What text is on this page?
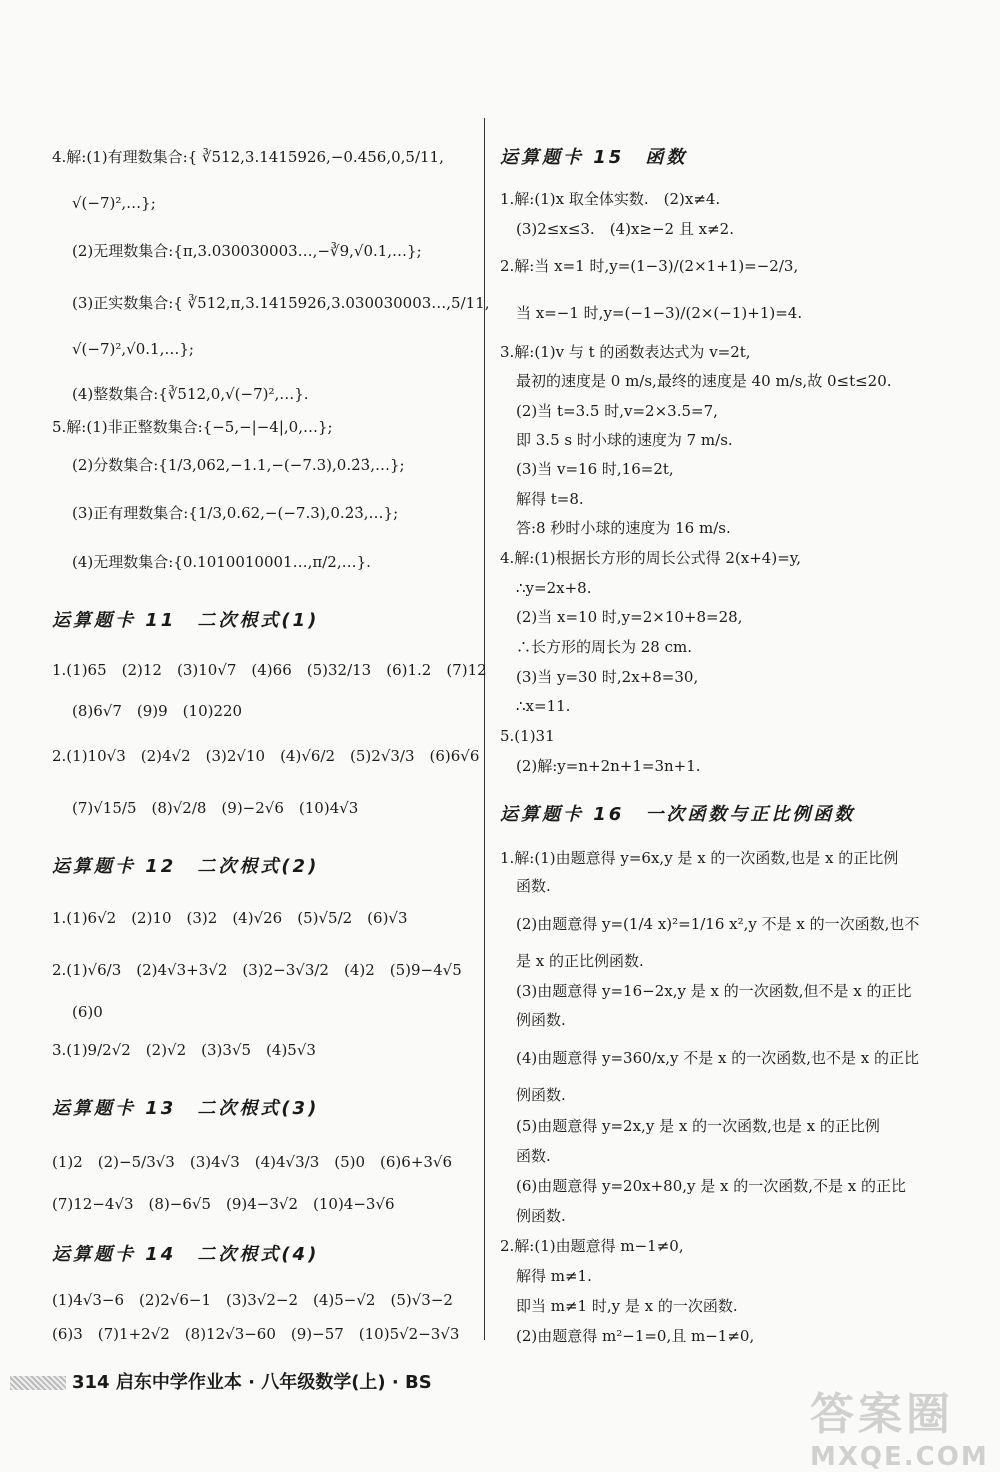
4.解:(1)有理数集合:{ ∛512,3.1415926,−0.456,0,5/11,
√(−7)²,…};
(2)无理数集合:{π,3.030030003…,−∛9,√0.1,…};
(3)正实数集合:{ ∛512,π,3.1415926,3.030030003…,5/11,
√(−7)²,√0.1,…};
(4)整数集合:{∛512,0,√(−7)²,…}.
5.解:(1)非正整数集合:{−5,−|−4|,0,…};
(2)分数集合:{1/3,062,−1.1,−(−7.3),0.2̇3̇,…};
(3)正有理数集合:{1/3,0.62,−(−7.3),0.2̇3̇,…};
(4)无理数集合:{0.1010010001…,π/2,…}.
运算题卡 11　二次根式(1)
1.(1)65　(2)12　(3)10√7　(4)66　(5)32/13　(6)1.2　(7)12
(8)6√7　(9)9　(10)220
2.(1)10√3　(2)4√2　(3)2√10　(4)√6/2　(5)2√3/3　(6)6√6
(7)√15/5　(8)√2/8　(9)−2√6　(10)4√3
运算题卡 12　二次根式(2)
1.(1)6√2　(2)10　(3)2　(4)√26　(5)√5/2　(6)√3
2.(1)√6/3　(2)4√3+3√2　(3)2−3√3/2　(4)2　(5)9−4√5
(6)0
3.(1)9/2√2　(2)√2　(3)3√5　(4)5√3
运算题卡 13　二次根式(3)
(1)2　(2)−5/3√3　(3)4√3　(4)4√3/3　(5)0　(6)6+3√6
(7)12−4√3　(8)−6√5　(9)4−3√2　(10)4−3√6
运算题卡 14　二次根式(4)
(1)4√3−6　(2)2√6−1　(3)3√2−2　(4)5−√2　(5)√3−2
(6)3　(7)1+2√2　(8)12√3−60　(9)−57　(10)5√2−3√3
运算题卡 15　函数
1.解:(1)x 取全体实数.　(2)x≠4.
(3)2≤x≤3.　(4)x≥−2 且 x≠2.
2.解:当 x=1 时,y=(1−3)/(2×1+1)=−2/3,
当 x=−1 时,y=(−1−3)/(2×(−1)+1)=4.
3.解:(1)v 与 t 的函数表达式为 v=2t,
最初的速度是 0 m/s,最终的速度是 40 m/s,故 0≤t≤20.
(2)当 t=3.5 时,v=2×3.5=7,
即 3.5 s 时小球的速度为 7 m/s.
(3)当 v=16 时,16=2t,
解得 t=8.
答:8 秒时小球的速度为 16 m/s.
4.解:(1)根据长方形的周长公式得 2(x+4)=y,
∴y=2x+8.
(2)当 x=10 时,y=2×10+8=28,
∴长方形的周长为 28 cm.
(3)当 y=30 时,2x+8=30,
∴x=11.
5.(1)31
(2)解:y=n+2n+1=3n+1.
运算题卡 16　一次函数与正比例函数
1.解:(1)由题意得 y=6x,y 是 x 的一次函数,也是 x 的正比例
函数.
(2)由题意得 y=(1/4 x)²=1/16 x²,y 不是 x 的一次函数,也不
是 x 的正比例函数.
(3)由题意得 y=16−2x,y 是 x 的一次函数,但不是 x 的正比
例函数.
(4)由题意得 y=360/x,y 不是 x 的一次函数,也不是 x 的正比
例函数.
(5)由题意得 y=2x,y 是 x 的一次函数,也是 x 的正比例
函数.
(6)由题意得 y=20x+80,y 是 x 的一次函数,不是 x 的正比
例函数.
2.解:(1)由题意得 m−1≠0,
解得 m≠1.
即当 m≠1 时,y 是 x 的一次函数.
(2)由题意得 m²−1=0,且 m−1≠0,
314 启东中学作业本 · 八年级数学(上) · BS
答案圈
MXQE.COM
